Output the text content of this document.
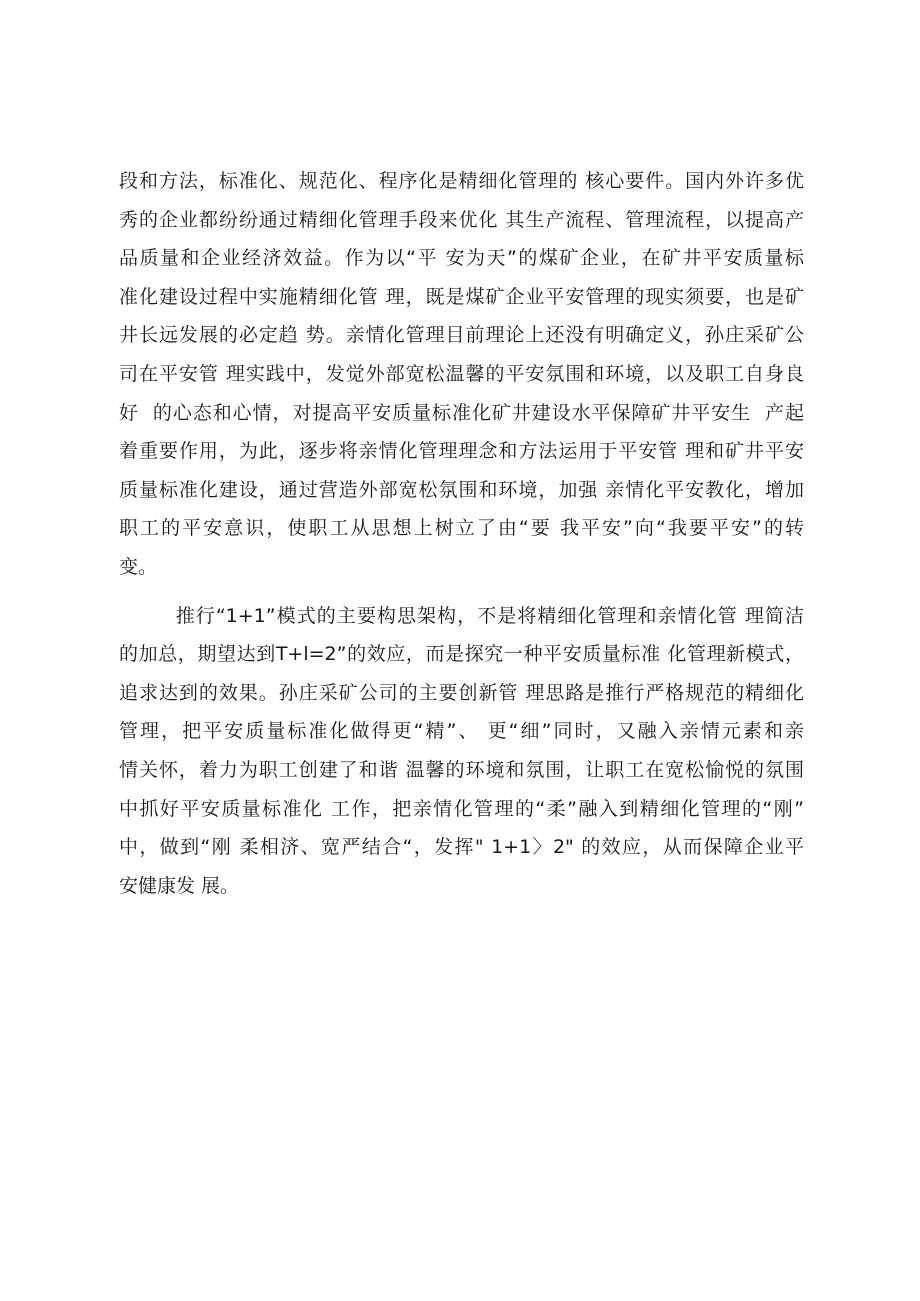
段和方法，标准化、规范化、程序化是精细化管理的 核心要件。国内外许多优
秀的企业都纷纷通过精细化管理手段来优化 其生产流程、管理流程，以提高产
品质量和企业经济效益。作为以“平 安为天”的煤矿企业，在矿井平安质量标
准化建设过程中实施精细化管 理，既是煤矿企业平安管理的现实须要，也是矿
井长远发展的必定趋 势。亲情化管理目前理论上还没有明确定义，孙庄采矿公
司在平安管 理实践中，发觉外部宽松温馨的平安氛围和环境，以及职工自身良
好  的心态和心情，对提高平安质量标准化矿井建设水平保障矿井平安生  产起
着重要作用，为此，逐步将亲情化管理理念和方法运用于平安管 理和矿井平安
质量标准化建设，通过营造外部宽松氛围和环境，加强 亲情化平安教化，增加
职工的平安意识，使职工从思想上树立了由“要 我平安”向“我要平安”的转
变。
推行“1+1”模式的主要构思架构，不是将精细化管理和亲情化管 理简洁
的加总，期望达到T+l=2”的效应，而是探究一种平安质量标准 化管理新模式，
追求达到的效果。孙庄采矿公司的主要创新管 理思路是推行严格规范的精细化
管理，把平安质量标准化做得更“精”、 更“细”同时，又融入亲情元素和亲
情关怀，着力为职工创建了和谐 温馨的环境和氛围，让职工在宽松愉悦的氛围
中抓好平安质量标准化 工作，把亲情化管理的“柔”融入到精细化管理的“刚”
中，做到“刚 柔相济、宽严结合“，发挥" 1+1〉2" 的效应，从而保障企业平
安健康发 展。
